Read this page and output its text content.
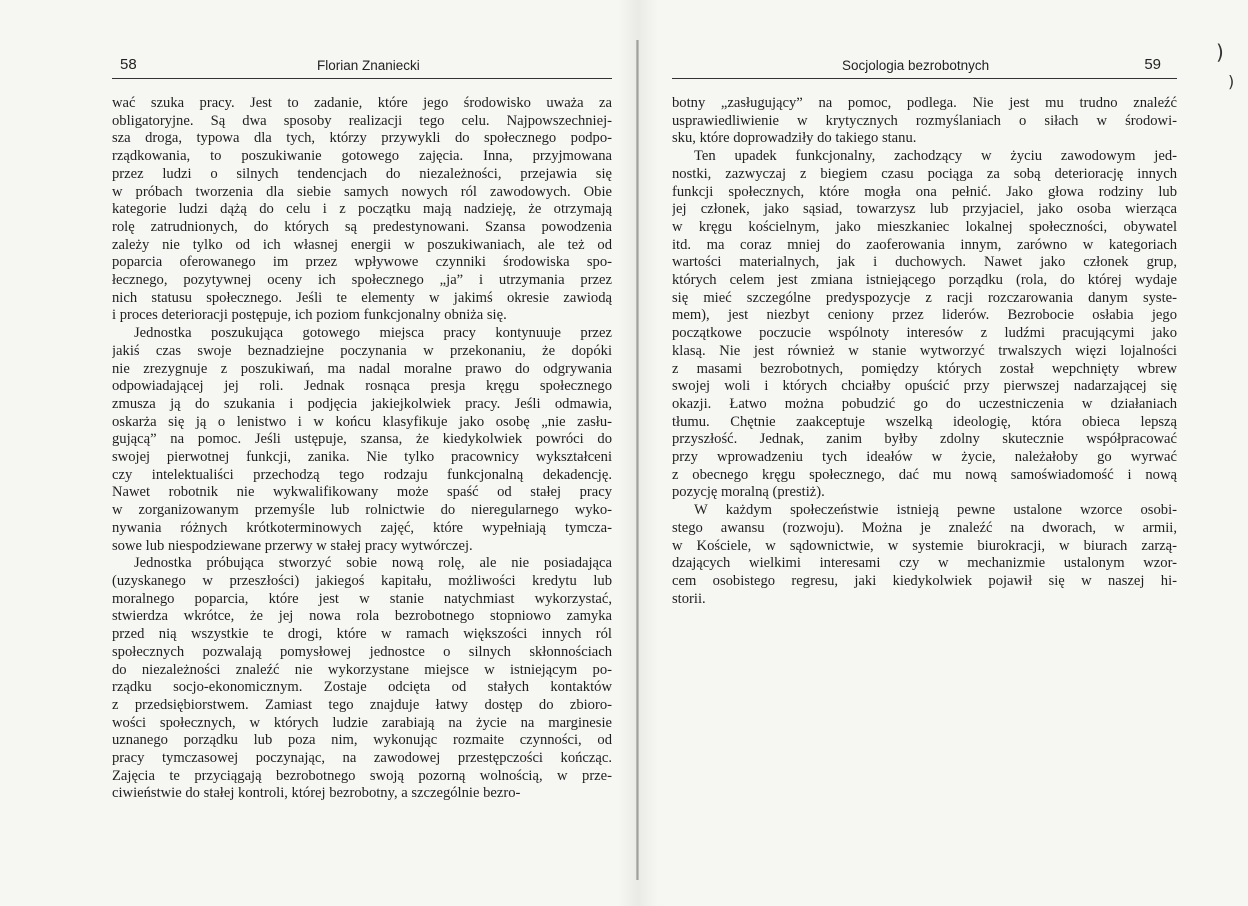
58	Florian Znaniecki
wać szuka pracy. Jest to zadanie, które jego środowisko uważa za
obligatoryjne. Są dwa sposoby realizacji tego celu. Najpowszechniej-
sza droga, typowa dla tych, którzy przywykli do społecznego podpo-
rządkowania, to poszukiwanie gotowego zajęcia. Inna, przyjmowana
przez ludzi o silnych tendencjach do niezależności, przejawia się
w próbach tworzenia dla siebie samych nowych ról zawodowych. Obie
kategorie ludzi dążą do celu i z początku mają nadzieję, że otrzymają
rolę zatrudnionych, do których są predestynowani. Szansa powodzenia
zależy nie tylko od ich własnej energii w poszukiwaniach, ale też od
poparcia oferowanego im przez wpływowe czynniki środowiska spo-
łecznego, pozytywnej oceny ich społecznego „ja” i utrzymania przez
nich statusu społecznego. Jeśli te elementy w jakimś okresie zawiodą
i proces deterioracji postępuje, ich poziom funkcjonalny obniża się.
Jednostka poszukująca gotowego miejsca pracy kontynuuje przez
jakiś czas swoje beznadziejne poczynania w przekonaniu, że dopóki
nie zrezygnuje z poszukiwań, ma nadal moralne prawo do odgrywania
odpowiadającej jej roli. Jednak rosnąca presja kręgu społecznego
zmusza ją do szukania i podjęcia jakiejkolwiek pracy. Jeśli odmawia,
oskarża się ją o lenistwo i w końcu klasyfikuje jako osobę „nie zasłu-
gującą” na pomoc. Jeśli ustępuje, szansa, że kiedykolwiek powróci do
swojej pierwotnej funkcji, zanika. Nie tylko pracownicy wykształceni
czy intelektualiści przechodzą tego rodzaju funkcjonalną dekadencję.
Nawet robotnik nie wykwalifikowany może spaść od stałej pracy
w zorganizowanym przemyśle lub rolnictwie do nieregularnego wyko-
nywania różnych krótkoterminowych zajęć, które wypełniają tymcza-
sowe lub niespodziewane przerwy w stałej pracy wytwórczej.
Jednostka próbująca stworzyć sobie nową rolę, ale nie posiadająca
(uzyskanego w przeszłości) jakiegoś kapitału, możliwości kredytu lub
moralnego poparcia, które jest w stanie natychmiast wykorzystać,
stwierdza wkrótce, że jej nowa rola bezrobotnego stopniowo zamyka
przed nią wszystkie te drogi, które w ramach większości innych ról
społecznych pozwalają pomysłowej jednostce o silnych skłonnościach
do niezależności znaleźć nie wykorzystane miejsce w istniejącym po-
rządku socjo-ekonomicznym. Zostaje odcięta od stałych kontaktów
z przedsiębiorstwem. Zamiast tego znajduje łatwy dostęp do zbioro-
wości społecznych, w których ludzie zarabiają na życie na marginesie
uznanego porządku lub poza nim, wykonując rozmaite czynności, od
pracy tymczasowej poczynając, na zawodowej przestępczości kończąc.
Zajęcia te przyciągają bezrobotnego swoją pozorną wolnością, w prze-
ciwieństwie do stałej kontroli, której bezrobotny, a szczególnie bezro-
Socjologia bezrobotnych	59
botny „zasługujący” na pomoc, podlega. Nie jest mu trudno znaleźć
usprawiedliwienie w krytycznych rozmyślaniach o siłach w środowi-
sku, które doprowadziły do takiego stanu.
Ten upadek funkcjonalny, zachodzący w życiu zawodowym jed-
nostki, zazwyczaj z biegiem czasu pociąga za sobą deteriorację innych
funkcji społecznych, które mogła ona pełnić. Jako głowa rodziny lub
jej członek, jako sąsiad, towarzysz lub przyjaciel, jako osoba wierząca
w kręgu kościelnym, jako mieszkaniec lokalnej społeczności, obywatel
itd. ma coraz mniej do zaoferowania innym, zarówno w kategoriach
wartości materialnych, jak i duchowych. Nawet jako członek grup,
których celem jest zmiana istniejącego porządku (rola, do której wydaje
się mieć szczególne predyspozycje z racji rozczarowania danym syste-
mem), jest niezbyt ceniony przez liderów. Bezrobocie osłabia jego
początkowe poczucie wspólnoty interesów z ludźmi pracującymi jako
klasą. Nie jest również w stanie wytworzyć trwalszych więzi lojalności
z masami bezrobotnych, pomiędzy których został wepchnięty wbrew
swojej woli i których chciałby opuścić przy pierwszej nadarzającej się
okazji. Łatwo można pobudzić go do uczestniczenia w działaniach
tłumu. Chętnie zaakceptuje wszelką ideologię, która obieca lepszą
przyszłość. Jednak, zanim byłby zdolny skutecznie współpracować
przy wprowadzeniu tych ideałów w życie, należałoby go wyrwać
z obecnego kręgu społecznego, dać mu nową samoświadomość i nową
pozycję moralną (prestiż).
W każdym społeczeństwie istnieją pewne ustalone wzorce osobi-
stego awansu (rozwoju). Można je znaleźć na dworach, w armii,
w Kościele, w sądownictwie, w systemie biurokracji, w biurach zarzą-
dzających wielkimi interesami czy w mechanizmie ustalonym wzor-
cem osobistego regresu, jaki kiedykolwiek pojawił się w naszej hi-
storii.
)
)
